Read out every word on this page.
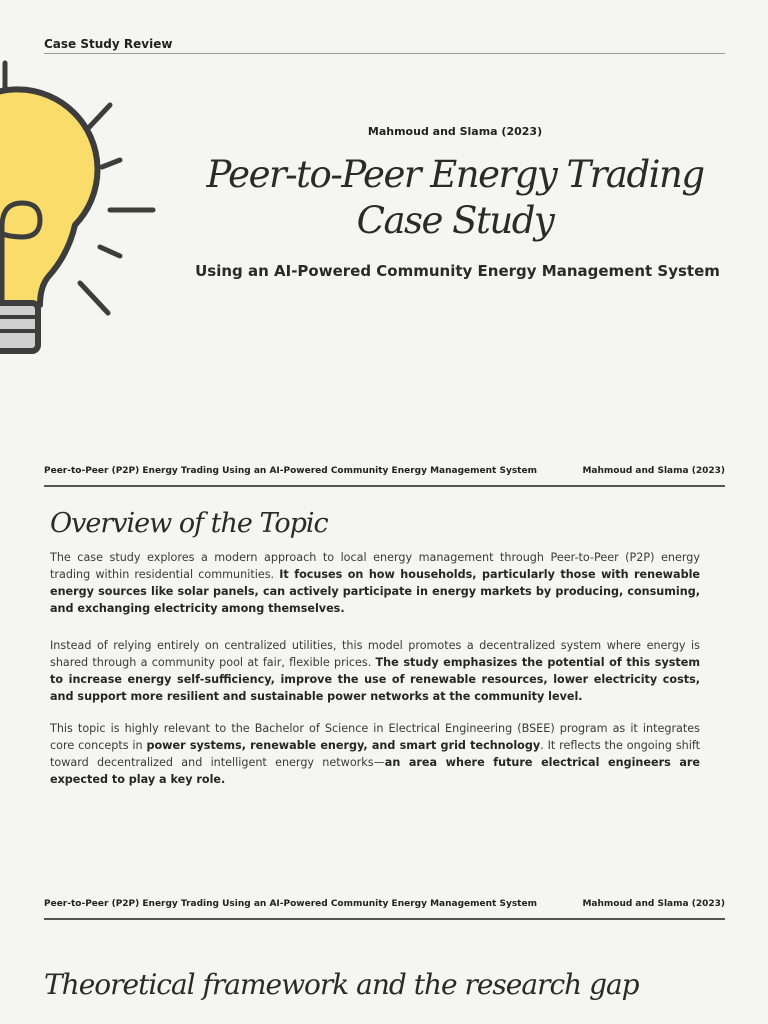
Case Study Review
Mahmoud and Slama (2023)
Peer-to-Peer Energy Trading
Case Study
Using an AI-Powered Community Energy Management System
Peer-to-Peer (P2P) Energy Trading Using an AI-Powered Community Energy Management System	Mahmoud and Slama (2023)
Overview of the Topic
The case study explores a modern approach to local energy management through Peer-to-Peer (P2P) energy trading within residential communities. It focuses on how households, particularly those with renewable energy sources like solar panels, can actively participate in energy markets by producing, consuming, and exchanging electricity among themselves.
Instead of relying entirely on centralized utilities, this model promotes a decentralized system where energy is shared through a community pool at fair, flexible prices. The study emphasizes the potential of this system to increase energy self-sufficiency, improve the use of renewable resources, lower electricity costs, and support more resilient and sustainable power networks at the community level.
This topic is highly relevant to the Bachelor of Science in Electrical Engineering (BSEE) program as it integrates core concepts in power systems, renewable energy, and smart grid technology. It reflects the ongoing shift toward decentralized and intelligent energy networks—an area where future electrical engineers are expected to play a key role.
Peer-to-Peer (P2P) Energy Trading Using an AI-Powered Community Energy Management System	Mahmoud and Slama (2023)
Theoretical framework and the research gap
